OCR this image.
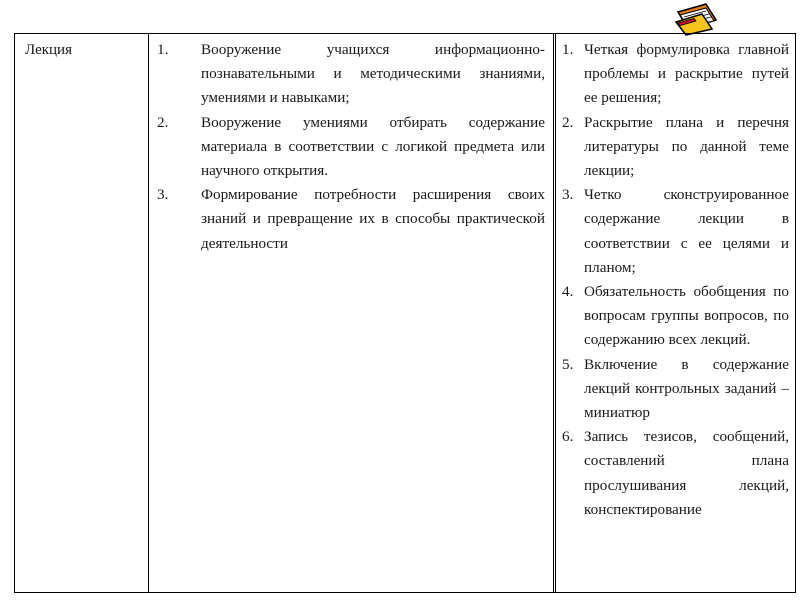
Лекция	1. Вооружение учащихся информационно-познавательными и методическими знаниями, умениями и навыками;
2. Вооружение умениями отбирать содержание материала в соответствии с логикой предмета или научного открытия.
3. Формирование потребности расширения своих знаний и превращение их в способы практической деятельности
1. Четкая формулировка главной проблемы и раскрытие путей ее решения;
2. Раскрытие плана и перечня литературы по данной теме лекции;
3. Четко сконструированное содержание лекции в соответствии с ее целями и планом;
4. Обязательность обобщения по вопросам группы вопросов, по содержанию всех лекций.
5. Включение в содержание лекций контрольных заданий – миниатюр
6. Запись тезисов, сообщений, составлений плана прослушивания лекций, конспектирование
